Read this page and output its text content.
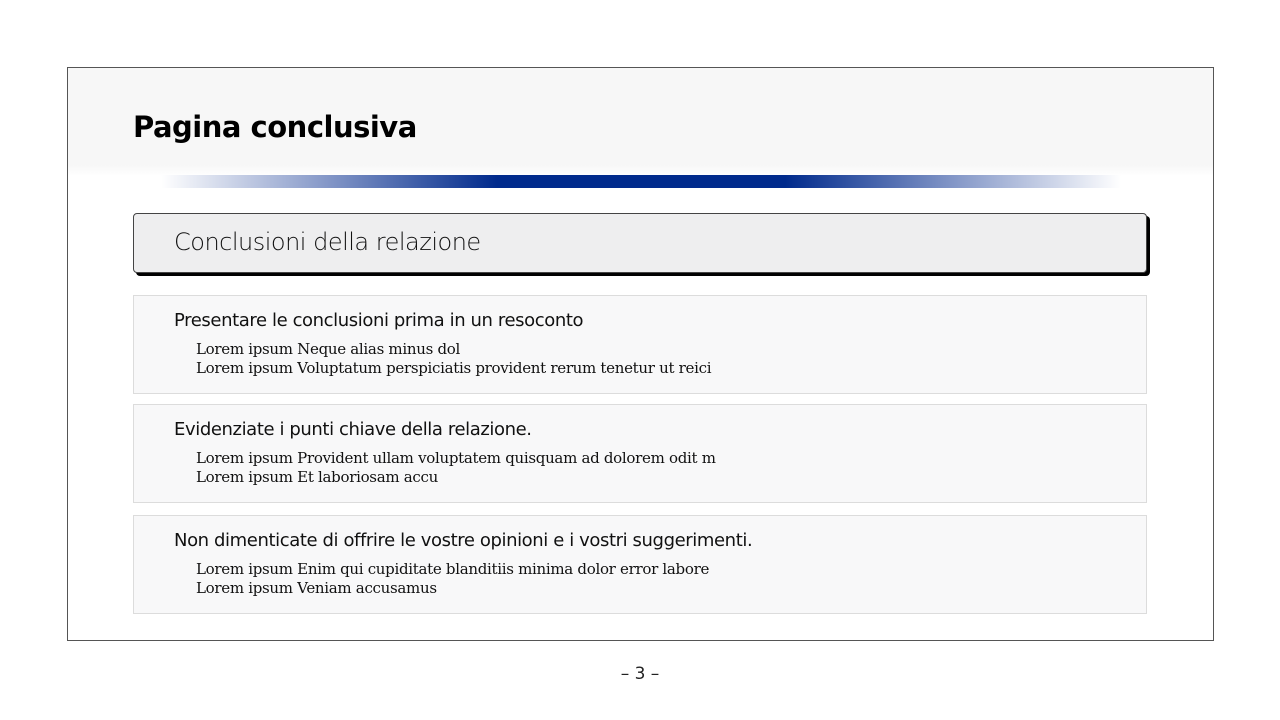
Pagina conclusiva
Conclusioni della relazione
Presentare le conclusioni prima in un resoconto
Lorem ipsum Neque alias minus dol
Lorem ipsum Voluptatum perspiciatis provident rerum tenetur ut reici
Evidenziate i punti chiave della relazione.
Lorem ipsum Provident ullam voluptatem quisquam ad dolorem odit m
Lorem ipsum Et laboriosam accu
Non dimenticate di offrire le vostre opinioni e i vostri suggerimenti.
Lorem ipsum Enim qui cupiditate blanditiis minima dolor error labore
Lorem ipsum Veniam accusamus
– 3 –
